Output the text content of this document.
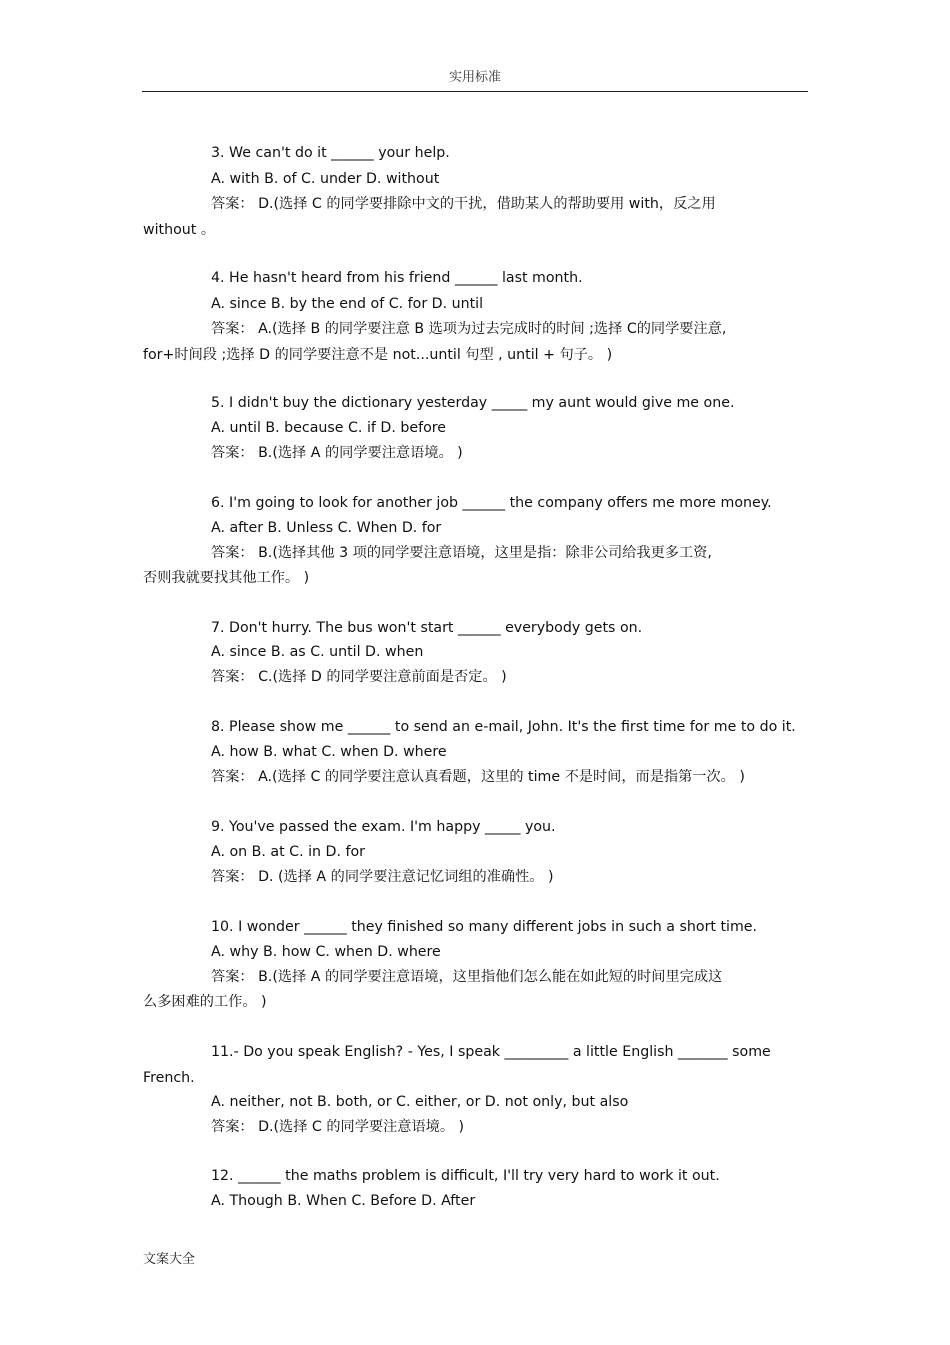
实用标准
3. We can't do it ______ your help.
A. with B. of C. under D. without
答案： D.(选择 C 的同学要排除中文的干扰，借助某人的帮助要用 with，反之用
without 。
4. He hasn't heard from his friend ______ last month.
A. since B. by the end of C. for D. until
答案： A.(选择 B 的同学要注意 B 选项为过去完成时的时间 ;选择 C的同学要注意,
for+时间段 ;选择 D 的同学要注意不是 not...until 句型 , until + 句子。 )
5. I didn't buy the dictionary yesterday _____ my aunt would give me one.
A. until B. because C. if D. before
答案： B.(选择 A 的同学要注意语境。 )
6. I'm going to look for another job ______ the company offers me more money.
A. after B. Unless C. When D. for
答案： B.(选择其他 3 项的同学要注意语境，这里是指：除非公司给我更多工资,
否则我就要找其他工作。 )
7. Don't hurry. The bus won't start ______ everybody gets on.
A. since B. as C. until D. when
答案： C.(选择 D 的同学要注意前面是否定。 )
8. Please show me ______ to send an e-mail, John. It's the first time for me to do it.
A. how B. what C. when D. where
答案： A.(选择 C 的同学要注意认真看题，这里的 time 不是时间，而是指第一次。 )
9. You've passed the exam. I'm happy _____ you.
A. on B. at C. in D. for
答案： D. (选择 A 的同学要注意记忆词组的准确性。 )
10. I wonder ______ they finished so many different jobs in such a short time.
A. why B. how C. when D. where
答案： B.(选择 A 的同学要注意语境，这里指他们怎么能在如此短的时间里完成这
么多困难的工作。 )
11.- Do you speak English? - Yes, I speak _________ a little English _______ some
French.
A. neither, not B. both, or C. either, or D. not only, but also
答案： D.(选择 C 的同学要注意语境。 )
12. ______ the maths problem is difficult, I'll try very hard to work it out.
A. Though B. When C. Before D. After
文案大全
